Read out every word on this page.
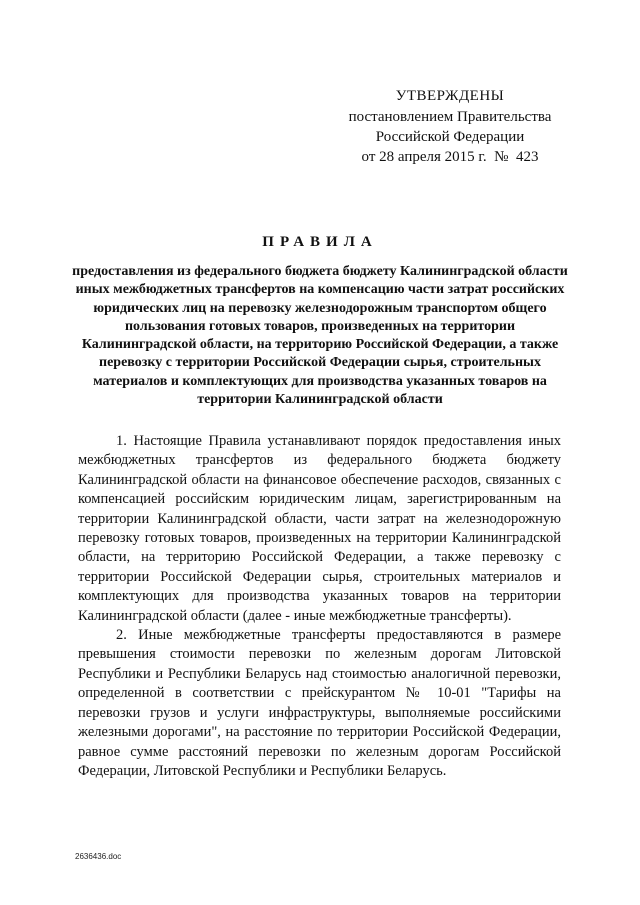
УТВЕРЖДЕНЫ
постановлением Правительства
Российской Федерации
от 28 апреля 2015 г.  №  423
ПРАВИЛА
предоставления из федерального бюджета бюджету Калининградской области иных межбюджетных трансфертов на компенсацию части затрат российских юридических лиц на перевозку железнодорожным транспортом общего пользования готовых товаров, произведенных на территории Калининградской области, на территорию Российской Федерации, а также перевозку с территории Российской Федерации сырья, строительных материалов и комплектующих для производства указанных товаров на территории Калининградской области

1. Настоящие Правила устанавливают порядок предоставления иных межбюджетных трансфертов из федерального бюджета бюджету Калининградской области на финансовое обеспечение расходов, связанных с компенсацией российским юридическим лицам, зарегистрированным на территории Калининградской области, части затрат на железнодорожную перевозку готовых товаров, произведенных на территории Калининградской области, на территорию Российской Федерации, а также перевозку с территории Российской Федерации сырья, строительных материалов и комплектующих для производства указанных товаров на территории Калининградской области (далее - иные межбюджетные трансферты).

2. Иные межбюджетные трансферты предоставляются в размере превышения стоимости перевозки по железным дорогам Литовской Республики и Республики Беларусь над стоимостью аналогичной перевозки, определенной в соответствии с прейскурантом № 10-01 "Тарифы на перевозки грузов и услуги инфраструктуры, выполняемые российскими железными дорогами", на расстояние по территории Российской Федерации, равное сумме расстояний перевозки по железным дорогам Российской Федерации, Литовской Республики и Республики Беларусь.

2636436.doc
